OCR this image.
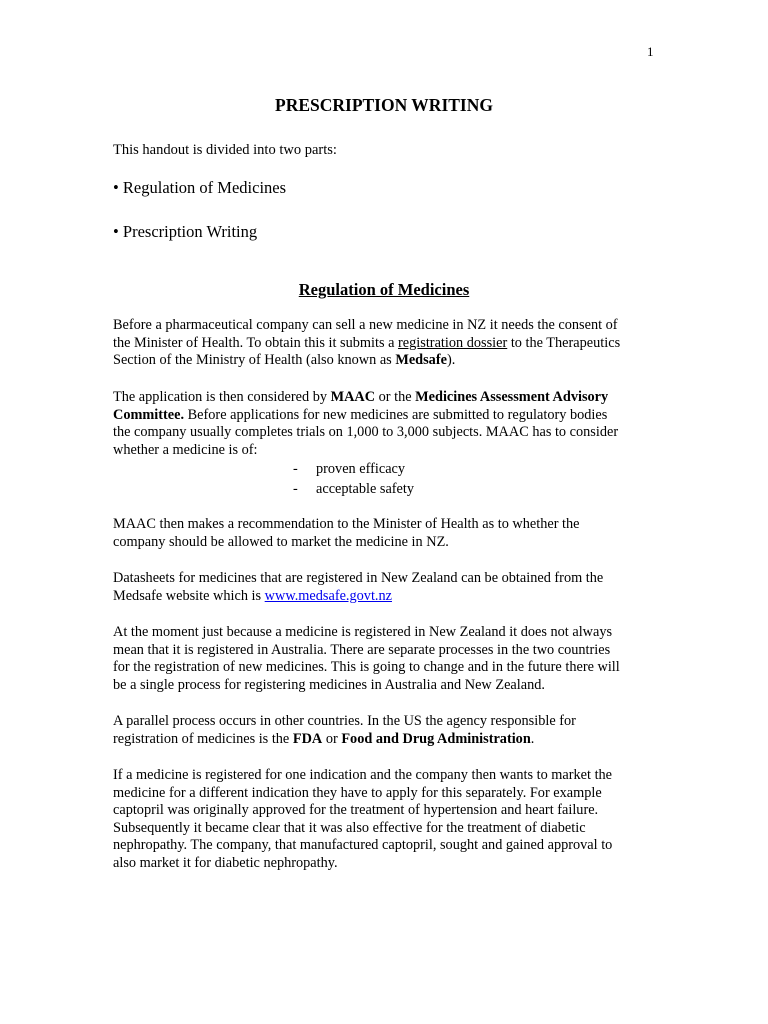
1
PRESCRIPTION WRITING
This handout is divided into two parts:
• Regulation of Medicines
• Prescription Writing
Regulation of Medicines

Before a pharmaceutical company can sell a new medicine in NZ it needs the consent of

the Minister of Health. To obtain this it submits a registration dossier to the Therapeutics

Section of the Ministry of Health (also known as Medsafe).

The application is then considered by MAAC or the Medicines Assessment Advisory

Committee. Before applications for new medicines are submitted to regulatory bodies

the company usually completes trials on 1,000 to 3,000 subjects. MAAC has to consider

whether a medicine is of:

- proven efficacy
- acceptable safety

MAAC then makes a recommendation to the Minister of Health as to whether the

company should be allowed to market the medicine in NZ.

Datasheets for medicines that are registered in New Zealand can be obtained from the

Medsafe website which is www.medsafe.govt.nz

At the moment just because a medicine is registered in New Zealand it does not always

mean that it is registered in Australia. There are separate processes in the two countries

for the registration of new medicines. This is going to change and in the future there will

be a single process for registering medicines in Australia and New Zealand.

A parallel process occurs in other countries. In the US the agency responsible for

registration of medicines is the FDA or Food and Drug Administration.

If a medicine is registered for one indication and the company then wants to market the

medicine for a different indication they have to apply for this separately. For example

captopril was originally approved for the treatment of hypertension and heart failure.

Subsequently it became clear that it was also effective for the treatment of diabetic

nephropathy. The company, that manufactured captopril, sought and gained approval to

also market it for diabetic nephropathy.
